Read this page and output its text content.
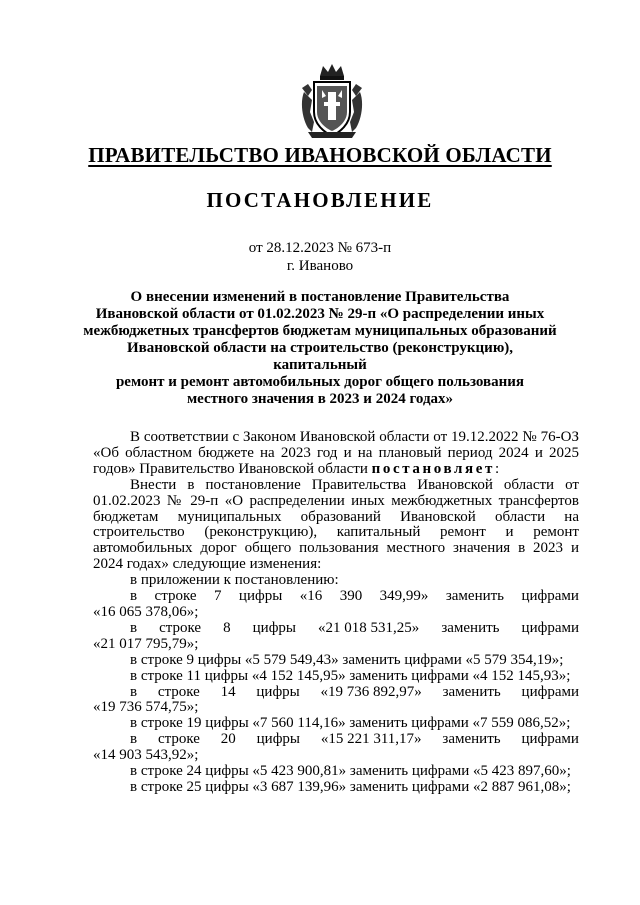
ПРАВИТЕЛЬСТВО ИВАНОВСКОЙ ОБЛАСТИ
ПОСТАНОВЛЕНИЕ
от 28.12.2023 № 673-п
г. Иваново
О внесении изменений в постановление Правительства
Ивановской области от 01.02.2023 № 29-п «О распределении иных
межбюджетных трансфертов бюджетам муниципальных образований
Ивановской области на строительство (реконструкцию), капитальный
ремонт и ремонт автомобильных дорог общего пользования
местного значения в 2023 и 2024 годах»

В соответствии с Законом Ивановской области от 19.12.2022 № 76-ОЗ «Об областном бюджете на 2023 год и на плановый период 2024 и 2025 годов» Правительство Ивановской области постановляет:

Внести в постановление Правительства Ивановской области от 01.02.2023 № 29-п «О распределении иных межбюджетных трансфертов бюджетам муниципальных образований Ивановской области на строительство (реконструкцию), капитальный ремонт и ремонт автомобильных дорог общего пользования местного значения в 2023 и 2024 годах» следующие изменения:

в приложении к постановлению:

в строке 7 цифры «16 390 349,99» заменить цифрами
«16 065 378,06»;
в строке 8 цифры «21 018 531,25» заменить цифрами
«21 017 795,79»;

в строке 9 цифры «5 579 549,43» заменить цифрами «5 579 354,19»;

в строке 11 цифры «4 152 145,95» заменить цифрами «4 152 145,93»;

в строке 14 цифры «19 736 892,97» заменить цифрами
«19 736 574,75»;

в строке 19 цифры «7 560 114,16» заменить цифрами «7 559 086,52»;

в строке 20 цифры «15 221 311,17» заменить цифрами
«14 903 543,92»;

в строке 24 цифры «5 423 900,81» заменить цифрами «5 423 897,60»;

в строке 25 цифры «3 687 139,96» заменить цифрами «2 887 961,08»;
